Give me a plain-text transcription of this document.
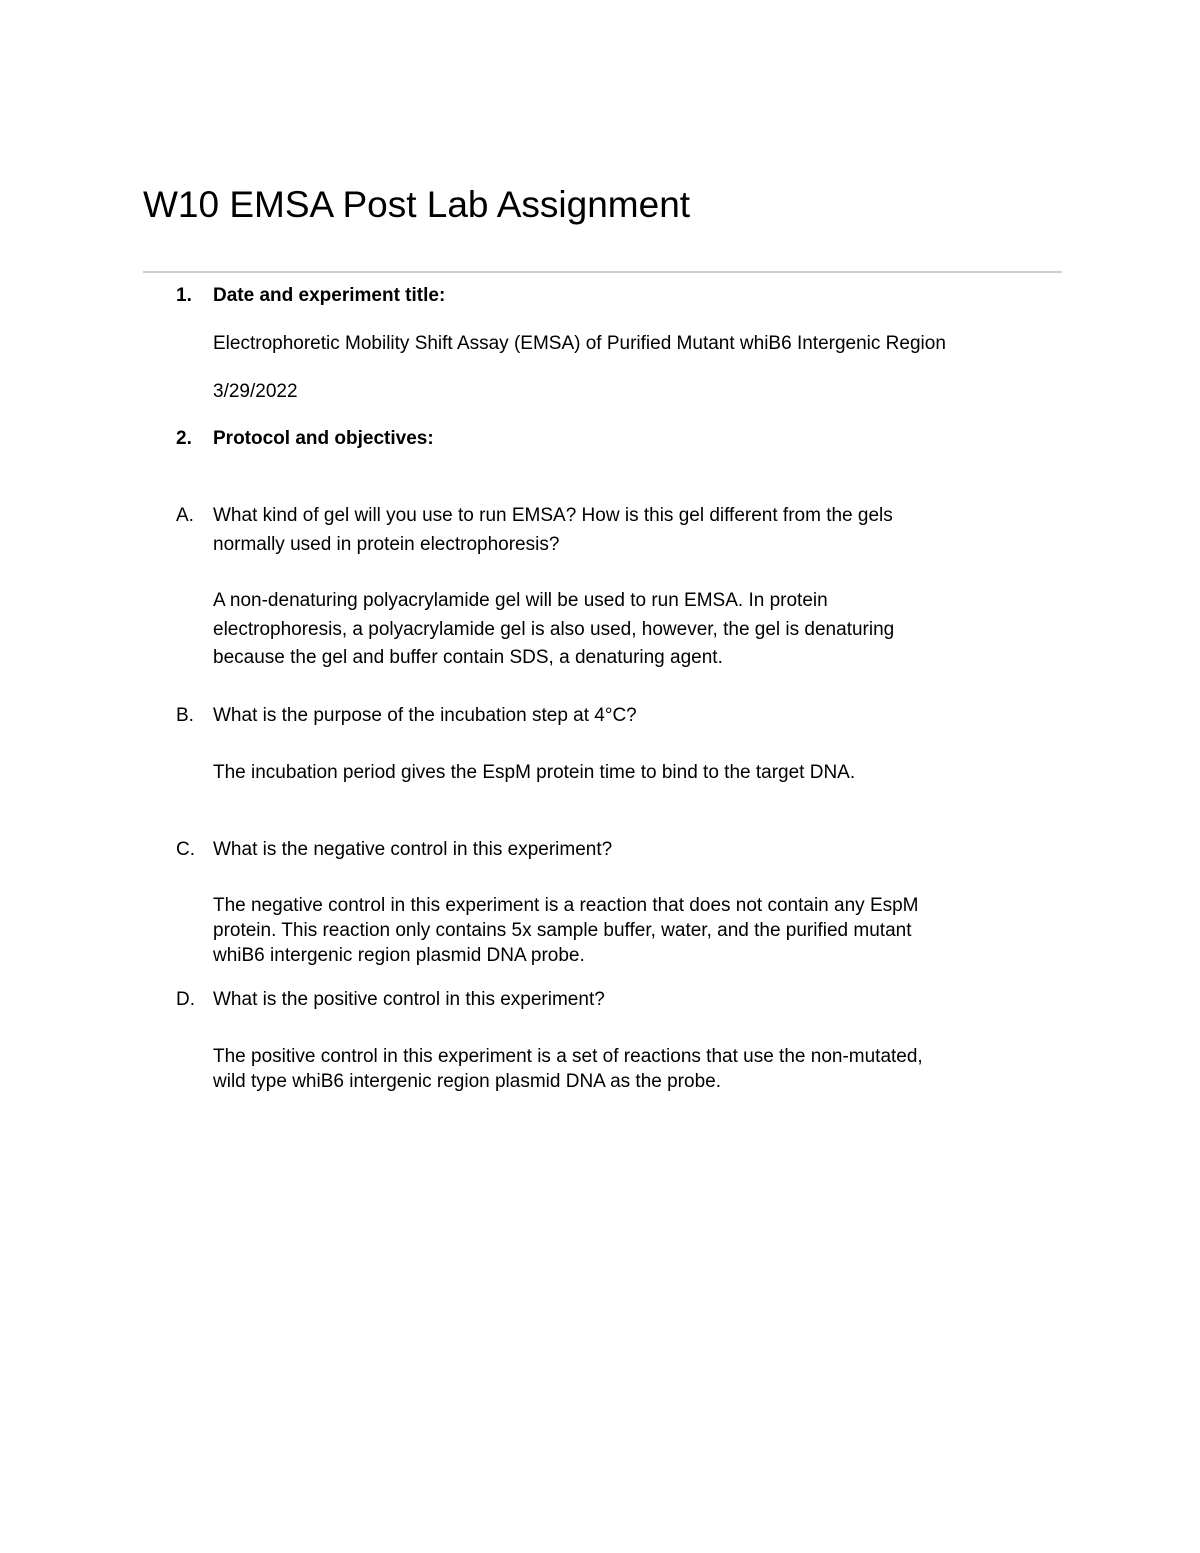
W10 EMSA Post Lab Assignment
1. Date and experiment title:
Electrophoretic Mobility Shift Assay (EMSA) of Purified Mutant whiB6 Intergenic Region
3/29/2022
2. Protocol and objectives:
A. What kind of gel will you use to run EMSA? How is this gel different from the gels
normally used in protein electrophoresis?
A non-denaturing polyacrylamide gel will be used to run EMSA. In protein
electrophoresis, a polyacrylamide gel is also used, however, the gel is denaturing
because the gel and buffer contain SDS, a denaturing agent.
B. What is the purpose of the incubation step at 4°C?
The incubation period gives the EspM protein time to bind to the target DNA.
C. What is the negative control in this experiment?
The negative control in this experiment is a reaction that does not contain any EspM
protein. This reaction only contains 5x sample buffer, water, and the purified mutant
whiB6 intergenic region plasmid DNA probe.
D. What is the positive control in this experiment?
The positive control in this experiment is a set of reactions that use the non-mutated,
wild type whiB6 intergenic region plasmid DNA as the probe.
